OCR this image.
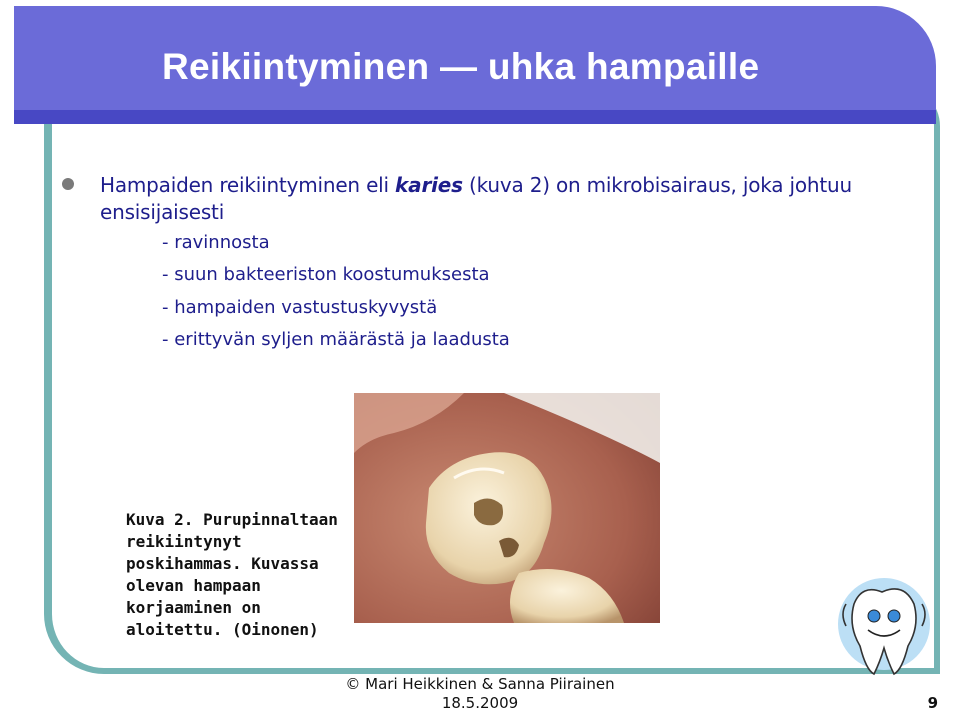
Reikiintyminen — uhka hampaille
Hampaiden reikiintyminen eli karies (kuva 2) on mikrobisairaus, joka johtuu ensisijaisesti
- ravinnosta
- suun bakteeriston koostumuksesta
- hampaiden vastustuskyvystä
- erittyvän syljen määrästä ja laadusta
Kuva 2. Purupinnaltaan reikiintynyt poskihammas. Kuvassa olevan hampaan korjaaminen on aloitettu. (Oinonen)
© Mari Heikkinen & Sanna Piirainen
18.5.2009	9
